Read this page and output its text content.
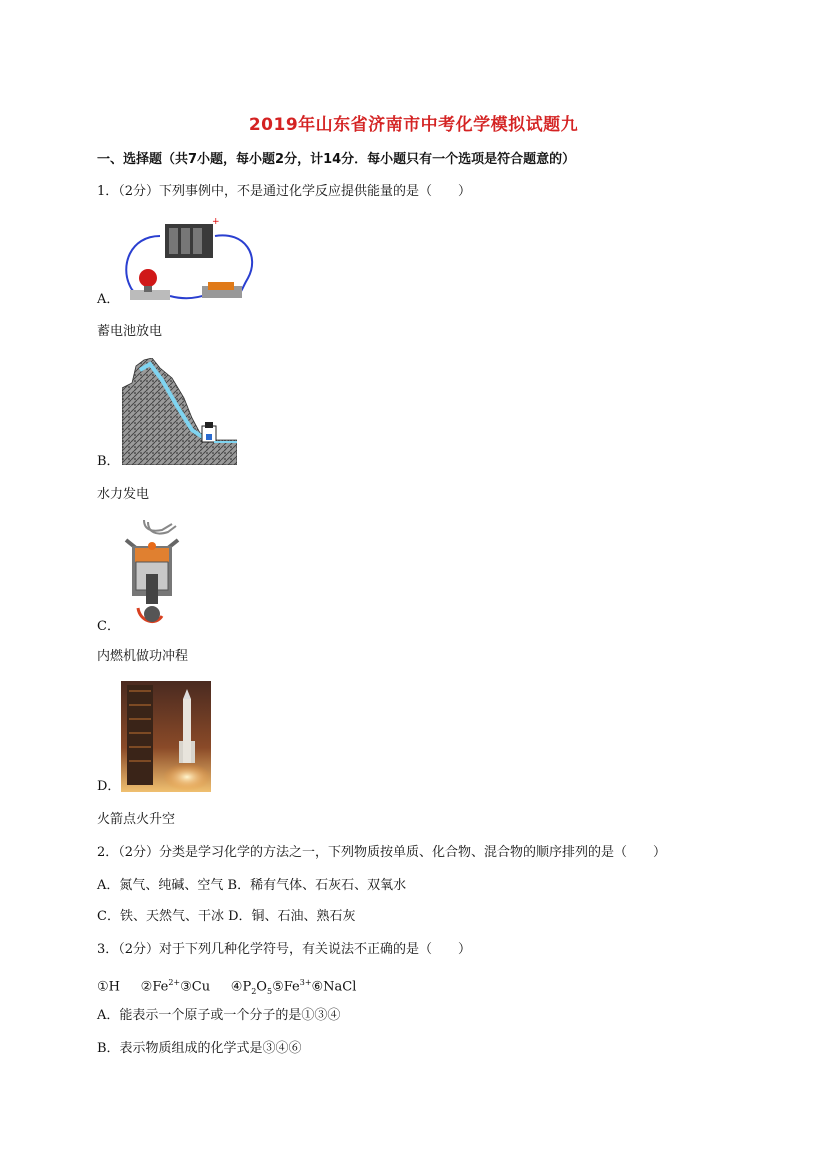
2019年山东省济南市中考化学模拟试题九
一、选择题（共7小题，每小题2分，计14分．每小题只有一个选项是符合题意的）
1．（2分）下列事例中，不是通过化学反应提供能量的是（　　）
+
A．
蓄电池放电
B．
水力发电
C．
内燃机做功冲程
D．
火箭点火升空
2．（2分）分类是学习化学的方法之一，下列物质按单质、化合物、混合物的顺序排列的是（　　）
A．氮气、纯碱、空气 B．稀有气体、石灰石、双氧水
C．铁、天然气、干冰 D．铜、石油、熟石灰
3．（2分）对于下列几种化学符号，有关说法不正确的是（　　）
①H $②Fe^{2+}③Cu$ $④P_2O_5⑤Fe^{3+}⑥NaCl$
A．能表示一个原子或一个分子的是①③④
B．表示物质组成的化学式是③④⑥
